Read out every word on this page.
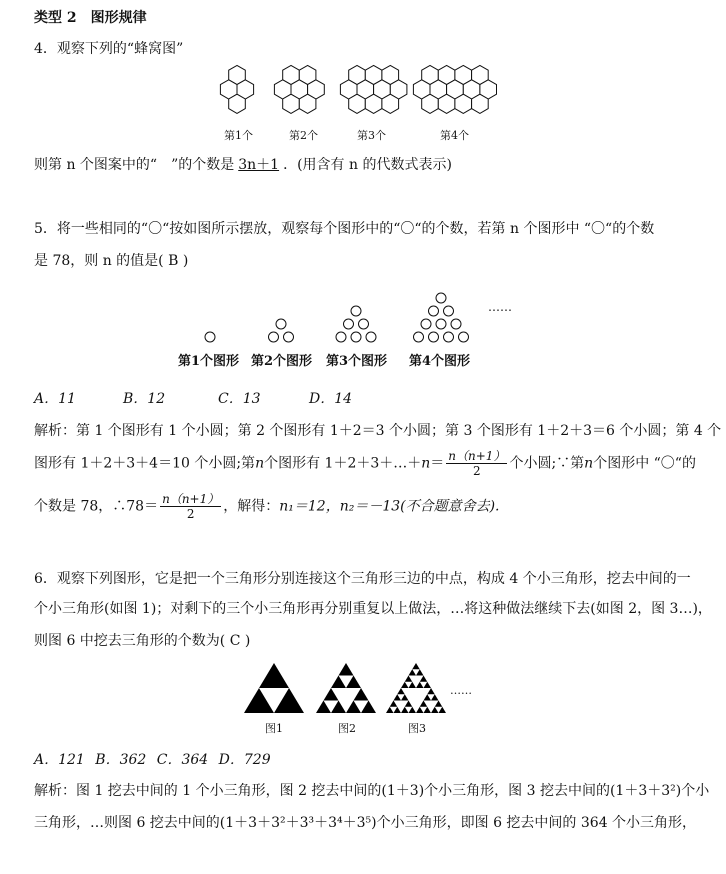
类型 2　图形规律
4．观察下列的“蜂窝图”
第1个	第2个	第3个	第4个
则第 n 个图案中的“　”的个数是 3n＋1 ．(用含有 n 的代数式表示)
5．将一些相同的“〇“按如图所示摆放，观察每个图形中的“〇“的个数，若第 n 个图形中 “〇“的个数
是 78，则 n 的值是( B )
……
第1个图形 第2个图形 第3个图形 第4个图形
A．11	B．12	C．13	D．14
解析：第 1 个图形有 1 个小圆；第 2 个图形有 1＋2＝3 个小圆；第 3 个图形有 1＋2＋3＝6 个小圆；第 4 个
图形有 1＋2＋3＋4＝10 个小圆;第n个图形有 1＋2＋3＋…＋n＝ $\frac{n(n+1)}{2}$ 个小圆;∵第n个图形中 “〇“的
个数是 78，∴78＝ $\frac{n(n+1)}{2}$ ，解得：n₁＝12，n₂＝－13(不合题意舍去).
6．观察下列图形，它是把一个三角形分别连接这个三角形三边的中点，构成 4 个小三角形，挖去中间的一
个小三角形(如图 1)；对剩下的三个小三角形再分别重复以上做法，…将这种做法继续下去(如图 2，图 3…)，
则图 6 中挖去三角形的个数为( C )
……
图1	图2	图3
A．121 B．362 C．364 D．729
解析：图 1 挖去中间的 1 个小三角形，图 2 挖去中间的(1＋3)个小三角形，图 3 挖去中间的(1＋3＋3²)个小
三角形，…则图 6 挖去中间的(1＋3＋3²＋3³＋3⁴＋3⁵)个小三角形，即图 6 挖去中间的 364 个小三角形，
